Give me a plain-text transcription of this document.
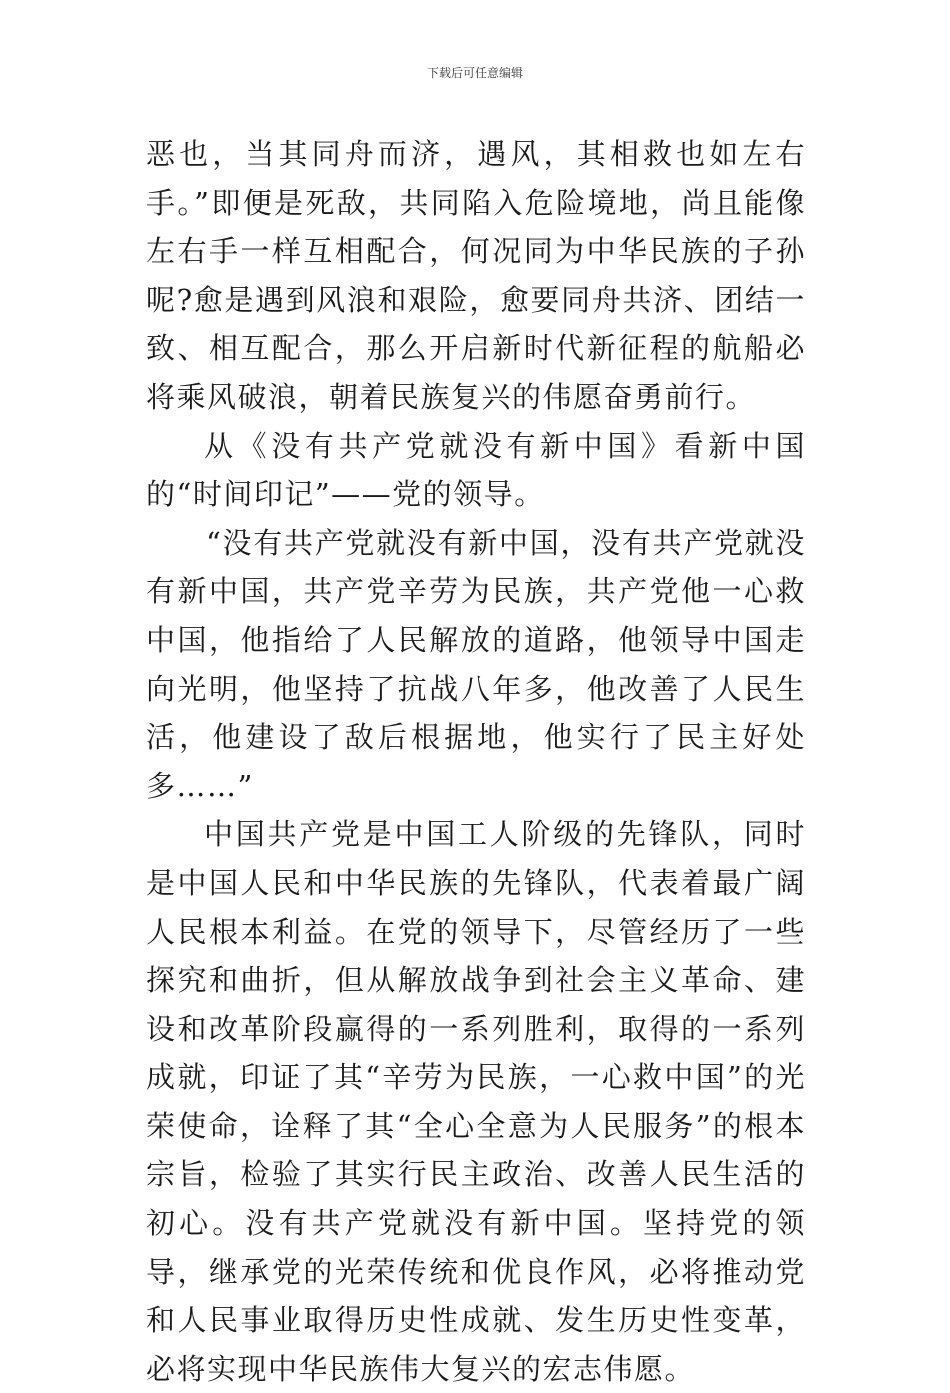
下载后可任意编辑

恶也，当其同舟而济，遇风，其相救也如左右手。”即便是死敌，共同陷入危险境地，尚且能像左右手一样互相配合，何况同为中华民族的子孙呢?愈是遇到风浪和艰险，愈要同舟共济、团结一致、相互配合，那么开启新时代新征程的航船必将乘风破浪，朝着民族复兴的伟愿奋勇前行。

从《没有共产党就没有新中国》看新中国的“时间印记”——党的领导。

“没有共产党就没有新中国，没有共产党就没有新中国，共产党辛劳为民族，共产党他一心救中国，他指给了人民解放的道路，他领导中国走向光明，他坚持了抗战八年多，他改善了人民生活，他建设了敌后根据地，他实行了民主好处多……”

中国共产党是中国工人阶级的先锋队，同时是中国人民和中华民族的先锋队，代表着最广阔人民根本利益。在党的领导下，尽管经历了一些探究和曲折，但从解放战争到社会主义革命、建设和改革阶段赢得的一系列胜利，取得的一系列成就，印证了其“辛劳为民族，一心救中国”的光荣使命，诠释了其“全心全意为人民服务”的根本宗旨，检验了其实行民主政治、改善人民生活的初心。没有共产党就没有新中国。坚持党的领导，继承党的光荣传统和优良作风，必将推动党和人民事业取得历史性成就、发生历史性变革，必将实现中华民族伟大复兴的宏志伟愿。
